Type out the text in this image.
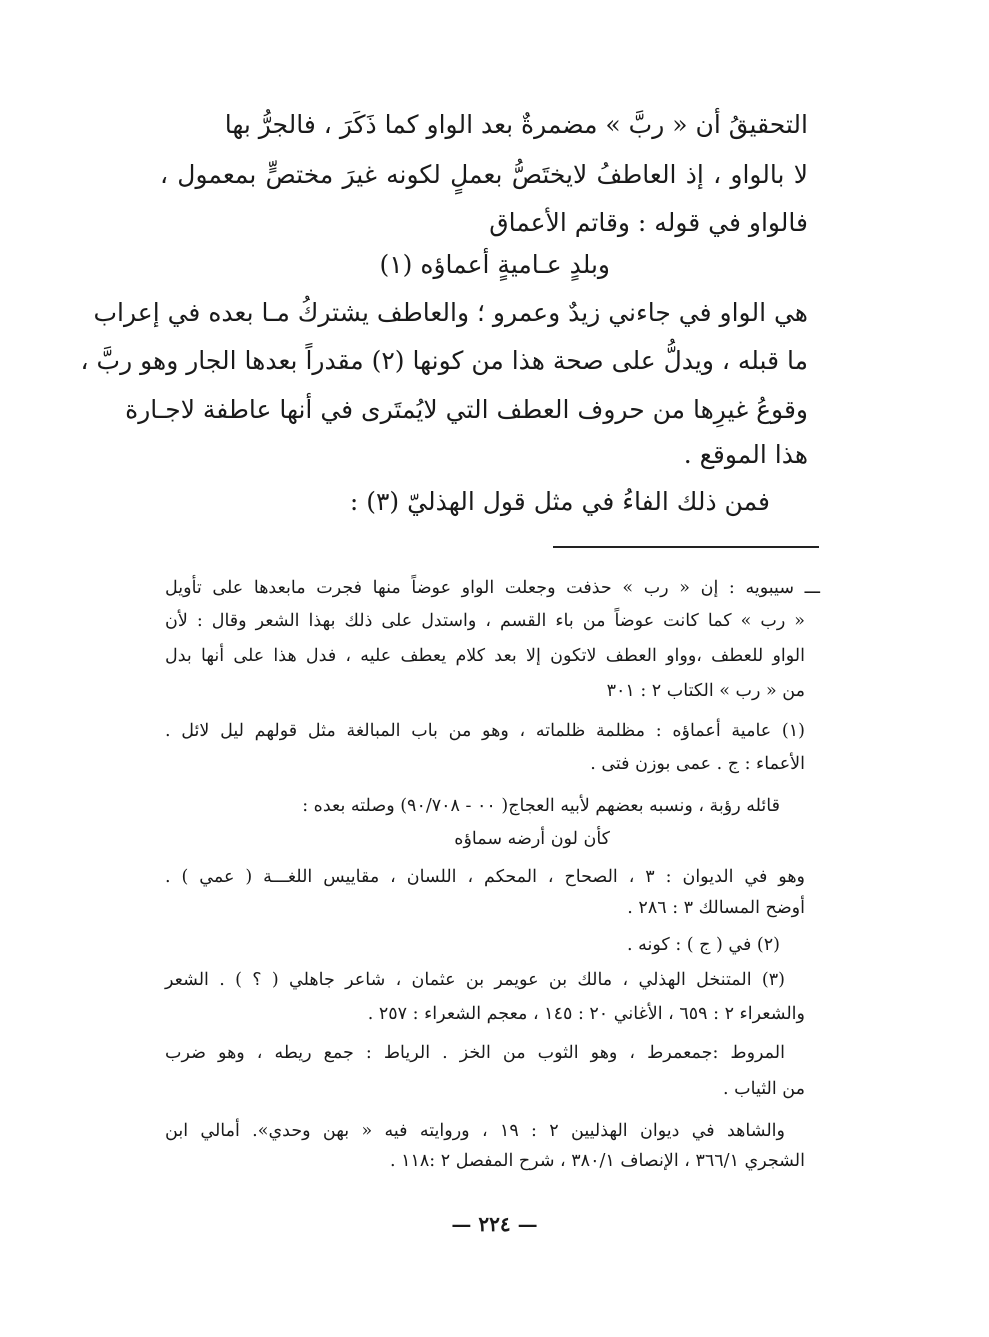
التحقيقُ أن « ربَّ » مضمرةٌ بعد الواو كما ذَكَرَ ، فالجرُّ بها
لا بالواو ، إذ العاطفُ لايختَصُّ بعملٍ لكونه غيرَ مختصٍّ بمعمول ،
فالواو في قوله : وقاتم الأعماق
وبلدٍ عـاميةٍ أعماؤه (١)
هي الواو في جاءني زيدٌ وعمرو ؛ والعاطف يشتركُ مـا بعده في إعراب
ما قبله ، ويدلُّ على صحة هذا من كونها (٢) مقدراً بعدها الجار وهو ربَّ ،
وقوعُ غيرِها من حروف العطف التي لايُمتَرى في أنها عاطفة لاجـارة
هذا الموقع .
فمن ذلك الفاءُ في مثل قول الهذليّ (٣) :
ـــ سيبويه : إن « رب » حذفت وجعلت الواو عوضاً منها فجرت مابعدها على تأويل
« رب » كما كانت عوضاً من باء القسم ، واستدل على ذلك بهذا الشعر وقال : لأن
الواو للعطف ،وواو العطف لاتكون إلا بعد كلام يعطف عليه ، فدل هذا على أنها بدل
من « رب » الكتاب ٢ : ٣٠١
(١) عامية أعماؤه : مظلمة ظلماته ، وهو من باب المبالغة مثل قولهم ليل لائل .
الأعماء : ج . عمى بوزن فتى .
قائله رؤبة ، ونسبه بعضهم لأبيه العجاج( ٠٠ - ٩٠/٧٠٨) وصلته بعده :
كأن لون أرضه سماؤه
وهو في الديوان : ٣ ، الصحاح ، المحكم ، اللسان ، مقاييس اللغـــة ( عمي ) .
أوضح المسالك ٣ : ٢٨٦ .
(٢) في ( ج ) : كونه .
(٣) المتنخل الهذلي ، مالك بن عويمر بن عثمان ، شاعر جاهلي ( ؟ ) . الشعر
والشعراء ٢ : ٦٥٩ ، الأغاني ٢٠ : ١٤٥ ، معجم الشعراء : ٢٥٧ .
المروط :جمعمرط ، وهو الثوب من الخز . الرياط : جمع ريطه ، وهو ضرب
من الثياب .
والشاهد في ديوان الهذليين ٢ : ١٩ ، وروايته فيه « بهن وحدي». أمالي ابن
الشجري ٣٦٦/١ ، الإنصاف ٣٨٠/١ ، شرح المفصل ٢ :١١٨ .
— ٢٢٤ —
